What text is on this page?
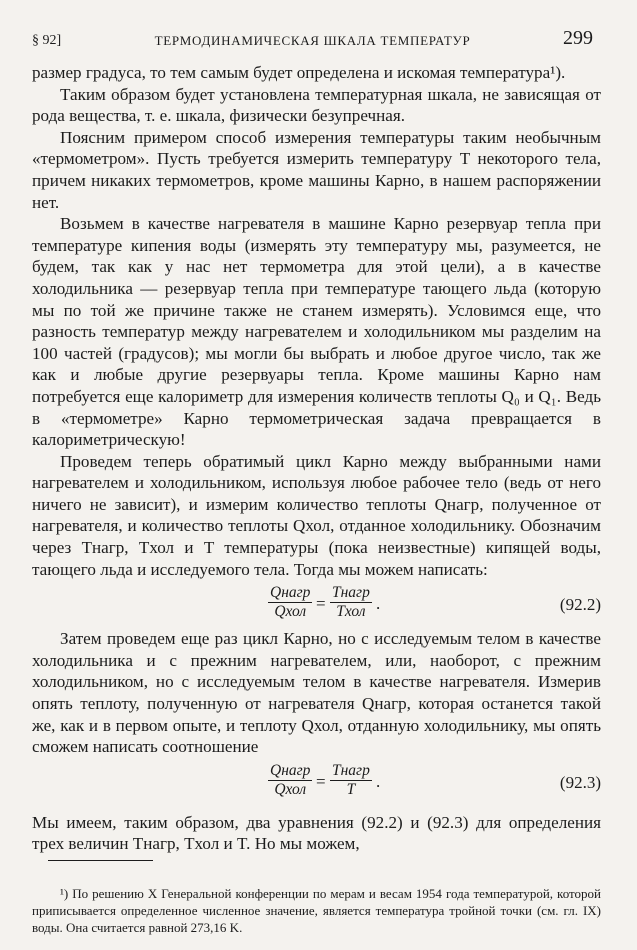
§ 92]	ТЕРМОДИНАМИЧЕСКАЯ ШКАЛА ТЕМПЕРАТУР	299

размер градуса, то тем самым будет определена и искомая температура¹).

Таким образом будет установлена температурная шкала, не зависящая от рода вещества, т. е. шкала, физически безупречная.

Поясним примером способ измерения температуры таким необычным «термометром». Пусть требуется измерить температуру T некоторого тела, причем никаких термометров, кроме машины Карно, в нашем распоряжении нет.

Возьмем в качестве нагревателя в машине Карно резервуар тепла при температуре кипения воды (измерять эту температуру мы, разумеется, не будем, так как у нас нет термометра для этой цели), а в качестве холодильника — резервуар тепла при температуре тающего льда (которую мы по той же причине также не станем измерять). Условимся еще, что разность температур между нагревателем и холодильником мы разделим на 100 частей (градусов); мы могли бы выбрать и любое другое число, так же как и любые другие резервуары тепла. Кроме машины Карно нам потребуется еще калориметр для измерения количеств теплоты Q₀ и Q₁. Ведь в «термометре» Карно термометрическая задача превращается в калориметрическую!

Проведем теперь обратимый цикл Карно между выбранными нами нагревателем и холодильником, используя любое рабочее тело (ведь от него ничего не зависит), и измерим количество теплоты Qнагр, полученное от нагревателя, и количество теплоты Qхол, отданное холодильнику. Обозначим через Tнагр, Tхол и T температуры (пока неизвестные) кипящей воды, тающего льда и исследуемого тела. Тогда мы можем написать:

Qнагр
Qхол =
Tнагр
Tхол .	(92.2)

Затем проведем еще раз цикл Карно, но с исследуемым телом в качестве холодильника и с прежним нагревателем, или, наоборот, с прежним холодильником, но с исследуемым телом в качестве нагревателя. Измерив опять теплоту, полученную от нагревателя Qнагр, которая останется такой же, как и в первом опыте, и теплоту Qхол, отданную холодильнику, мы опять сможем написать соотношение

Qнагр
Qхол =
Tнагр
T	.	(92.3)

Мы имеем, таким образом, два уравнения (92.2) и (92.3) для определения трех величин Tнагр, Tхол и T. Но мы можем,

¹) По решению X Генеральной конференции по мерам и весам 1954 года температурой, которой приписывается определенное численное значение, является температура тройной точки (см. гл. IX) воды. Она считается равной 273,16 K.
